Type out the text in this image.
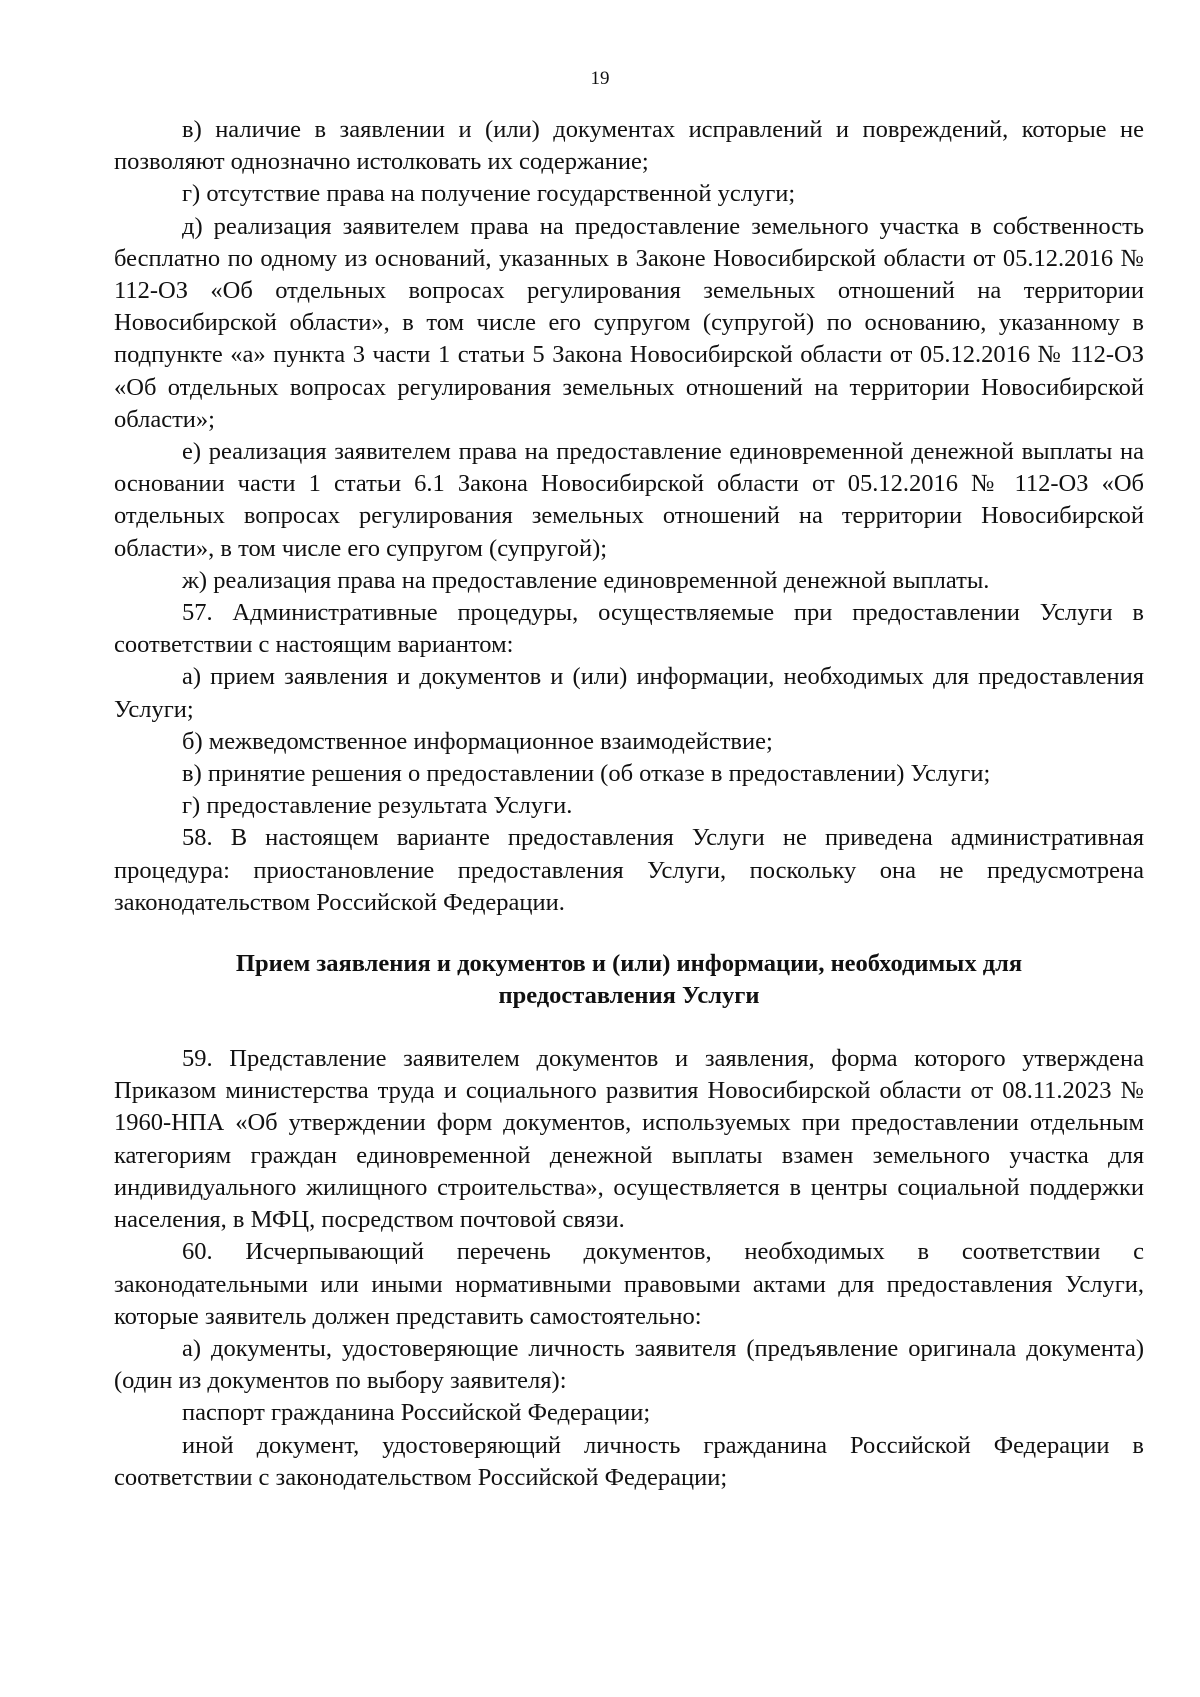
19

в) наличие в заявлении и (или) документах исправлений и повреждений, которые не позволяют однозначно истолковать их содержание;

г) отсутствие права на получение государственной услуги;

д) реализация заявителем права на предоставление земельного участка в собственность бесплатно по одному из оснований, указанных в Законе Новосибирской области от 05.12.2016 № 112-ОЗ «Об отдельных вопросах регулирования земельных отношений на территории Новосибирской области», в том числе его супругом (супругой) по основанию, указанному в подпункте «а» пункта 3 части 1 статьи 5 Закона Новосибирской области от 05.12.2016 № 112-ОЗ «Об отдельных вопросах регулирования земельных отношений на территории Новосибирской области»;

е) реализация заявителем права на предоставление единовременной денежной выплаты на основании части 1 статьи 6.1 Закона Новосибирской области от 05.12.2016 № 112-ОЗ «Об отдельных вопросах регулирования земельных отношений на территории Новосибирской области», в том числе его супругом (супругой);

ж) реализация права на предоставление единовременной денежной выплаты.

57. Административные процедуры, осуществляемые при предоставлении Услуги в соответствии с настоящим вариантом:

а) прием заявления и документов и (или) информации, необходимых для предоставления Услуги;

б) межведомственное информационное взаимодействие;

в) принятие решения о предоставлении (об отказе в предоставлении) Услуги;

г) предоставление результата Услуги.

58. В настоящем варианте предоставления Услуги не приведена административная процедура: приостановление предоставления Услуги, поскольку она не предусмотрена законодательством Российской Федерации.

Прием заявления и документов и (или) информации, необходимых для
предоставления Услуги

59. Представление заявителем документов и заявления, форма которого утверждена Приказом министерства труда и социального развития Новосибирской области от 08.11.2023 № 1960-НПА «Об утверждении форм документов, используемых при предоставлении отдельным категориям граждан единовременной денежной выплаты взамен земельного участка для индивидуального жилищного строительства», осуществляется в центры социальной поддержки населения, в МФЦ, посредством почтовой связи.

60. Исчерпывающий перечень документов, необходимых в соответствии с законодательными или иными нормативными правовыми актами для предоставления Услуги, которые заявитель должен представить самостоятельно:

а) документы, удостоверяющие личность заявителя (предъявление оригинала документа) (один из документов по выбору заявителя):

паспорт гражданина Российской Федерации;

иной документ, удостоверяющий личность гражданина Российской Федерации в соответствии с законодательством Российской Федерации;
